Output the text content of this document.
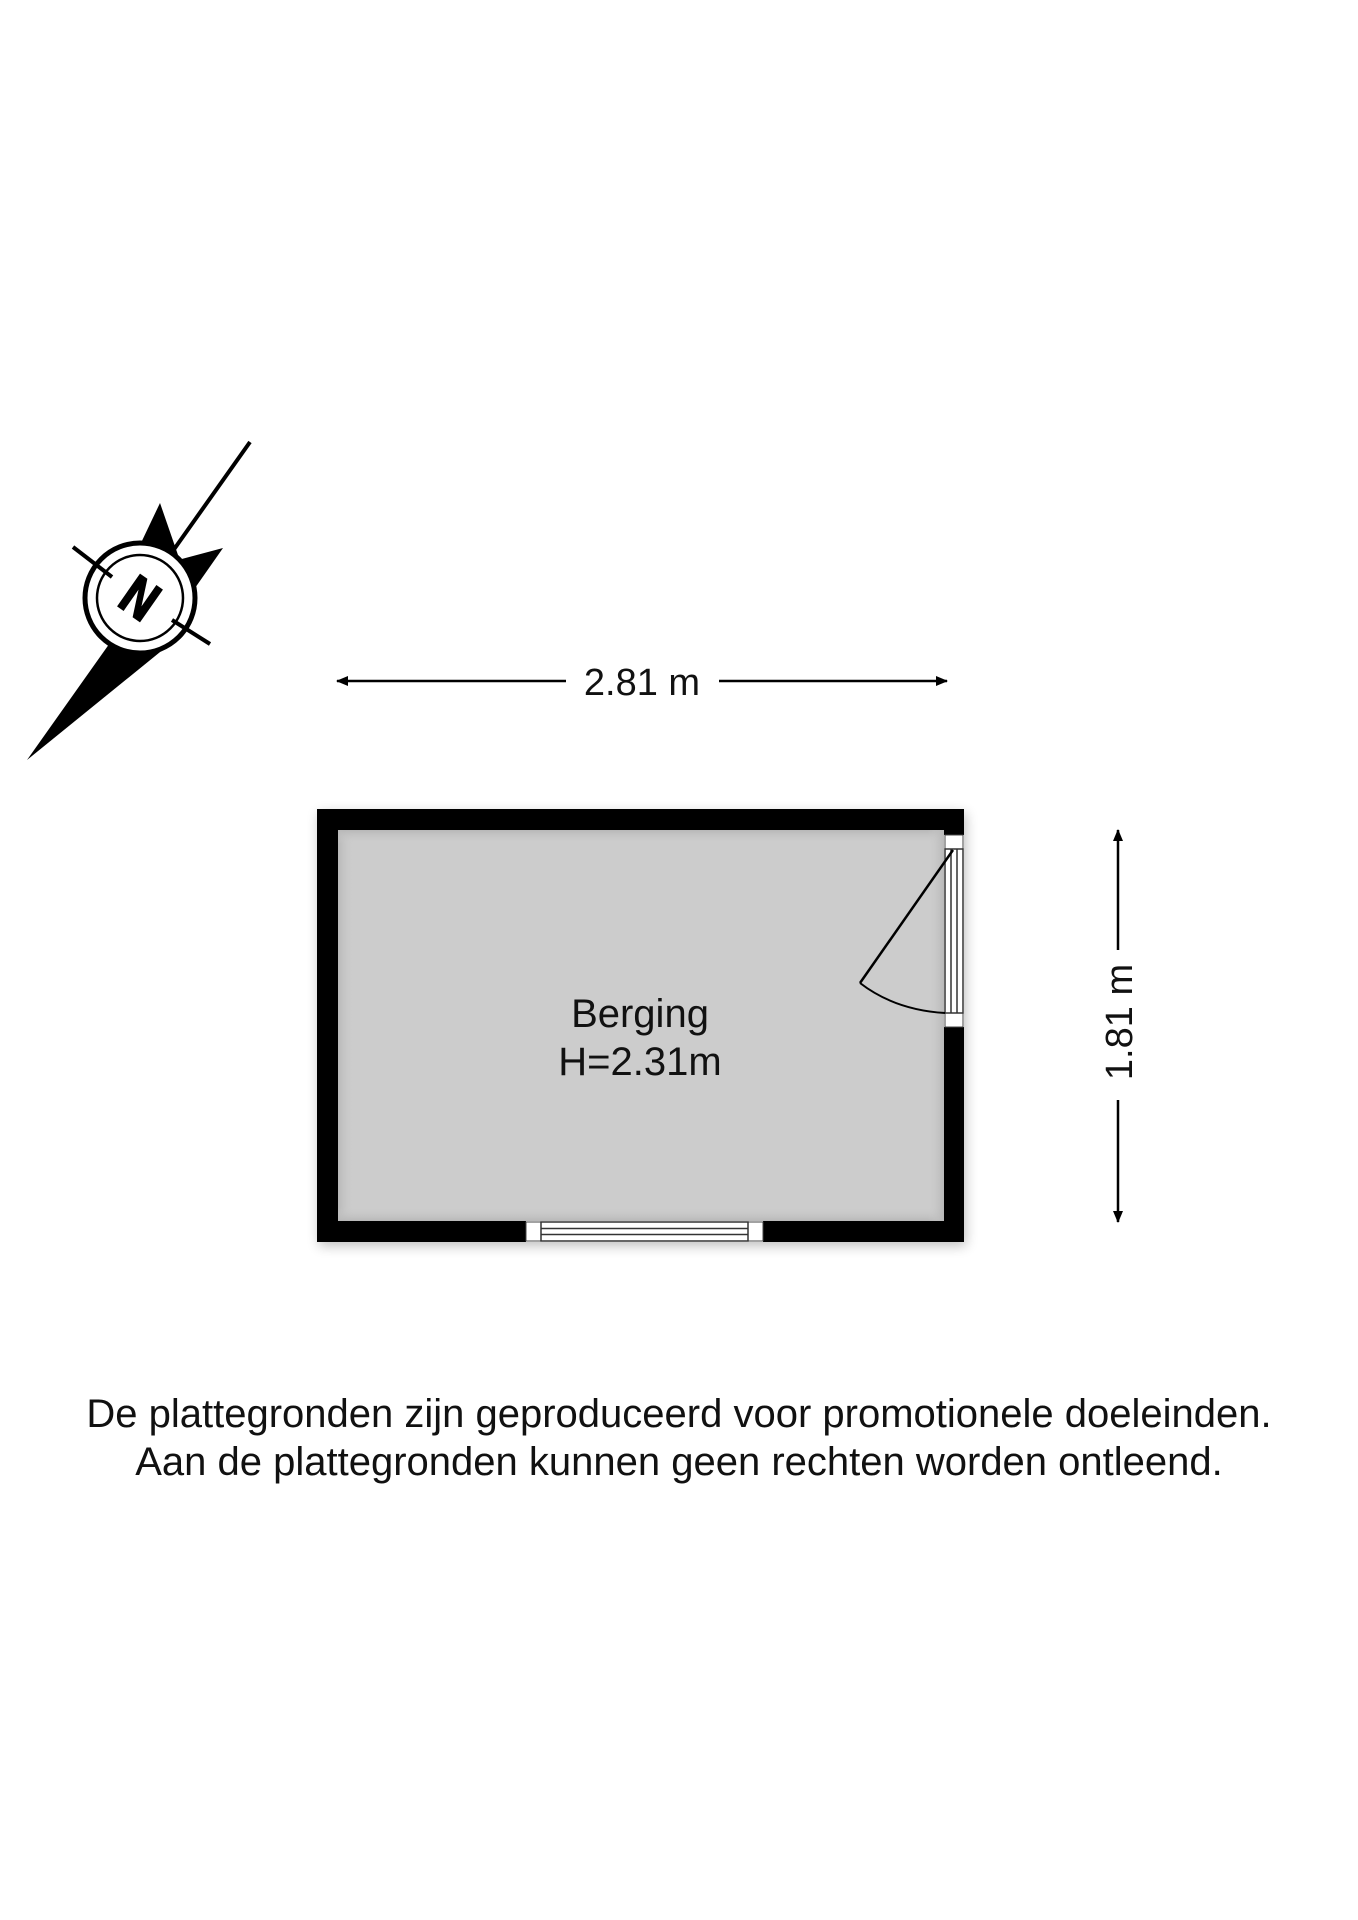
2.81 m
1.81 m
Berging
H=2.31m
De plattegronden zijn geproduceerd voor promotionele doeleinden.
Aan de plattegronden kunnen geen rechten worden ontleend.
